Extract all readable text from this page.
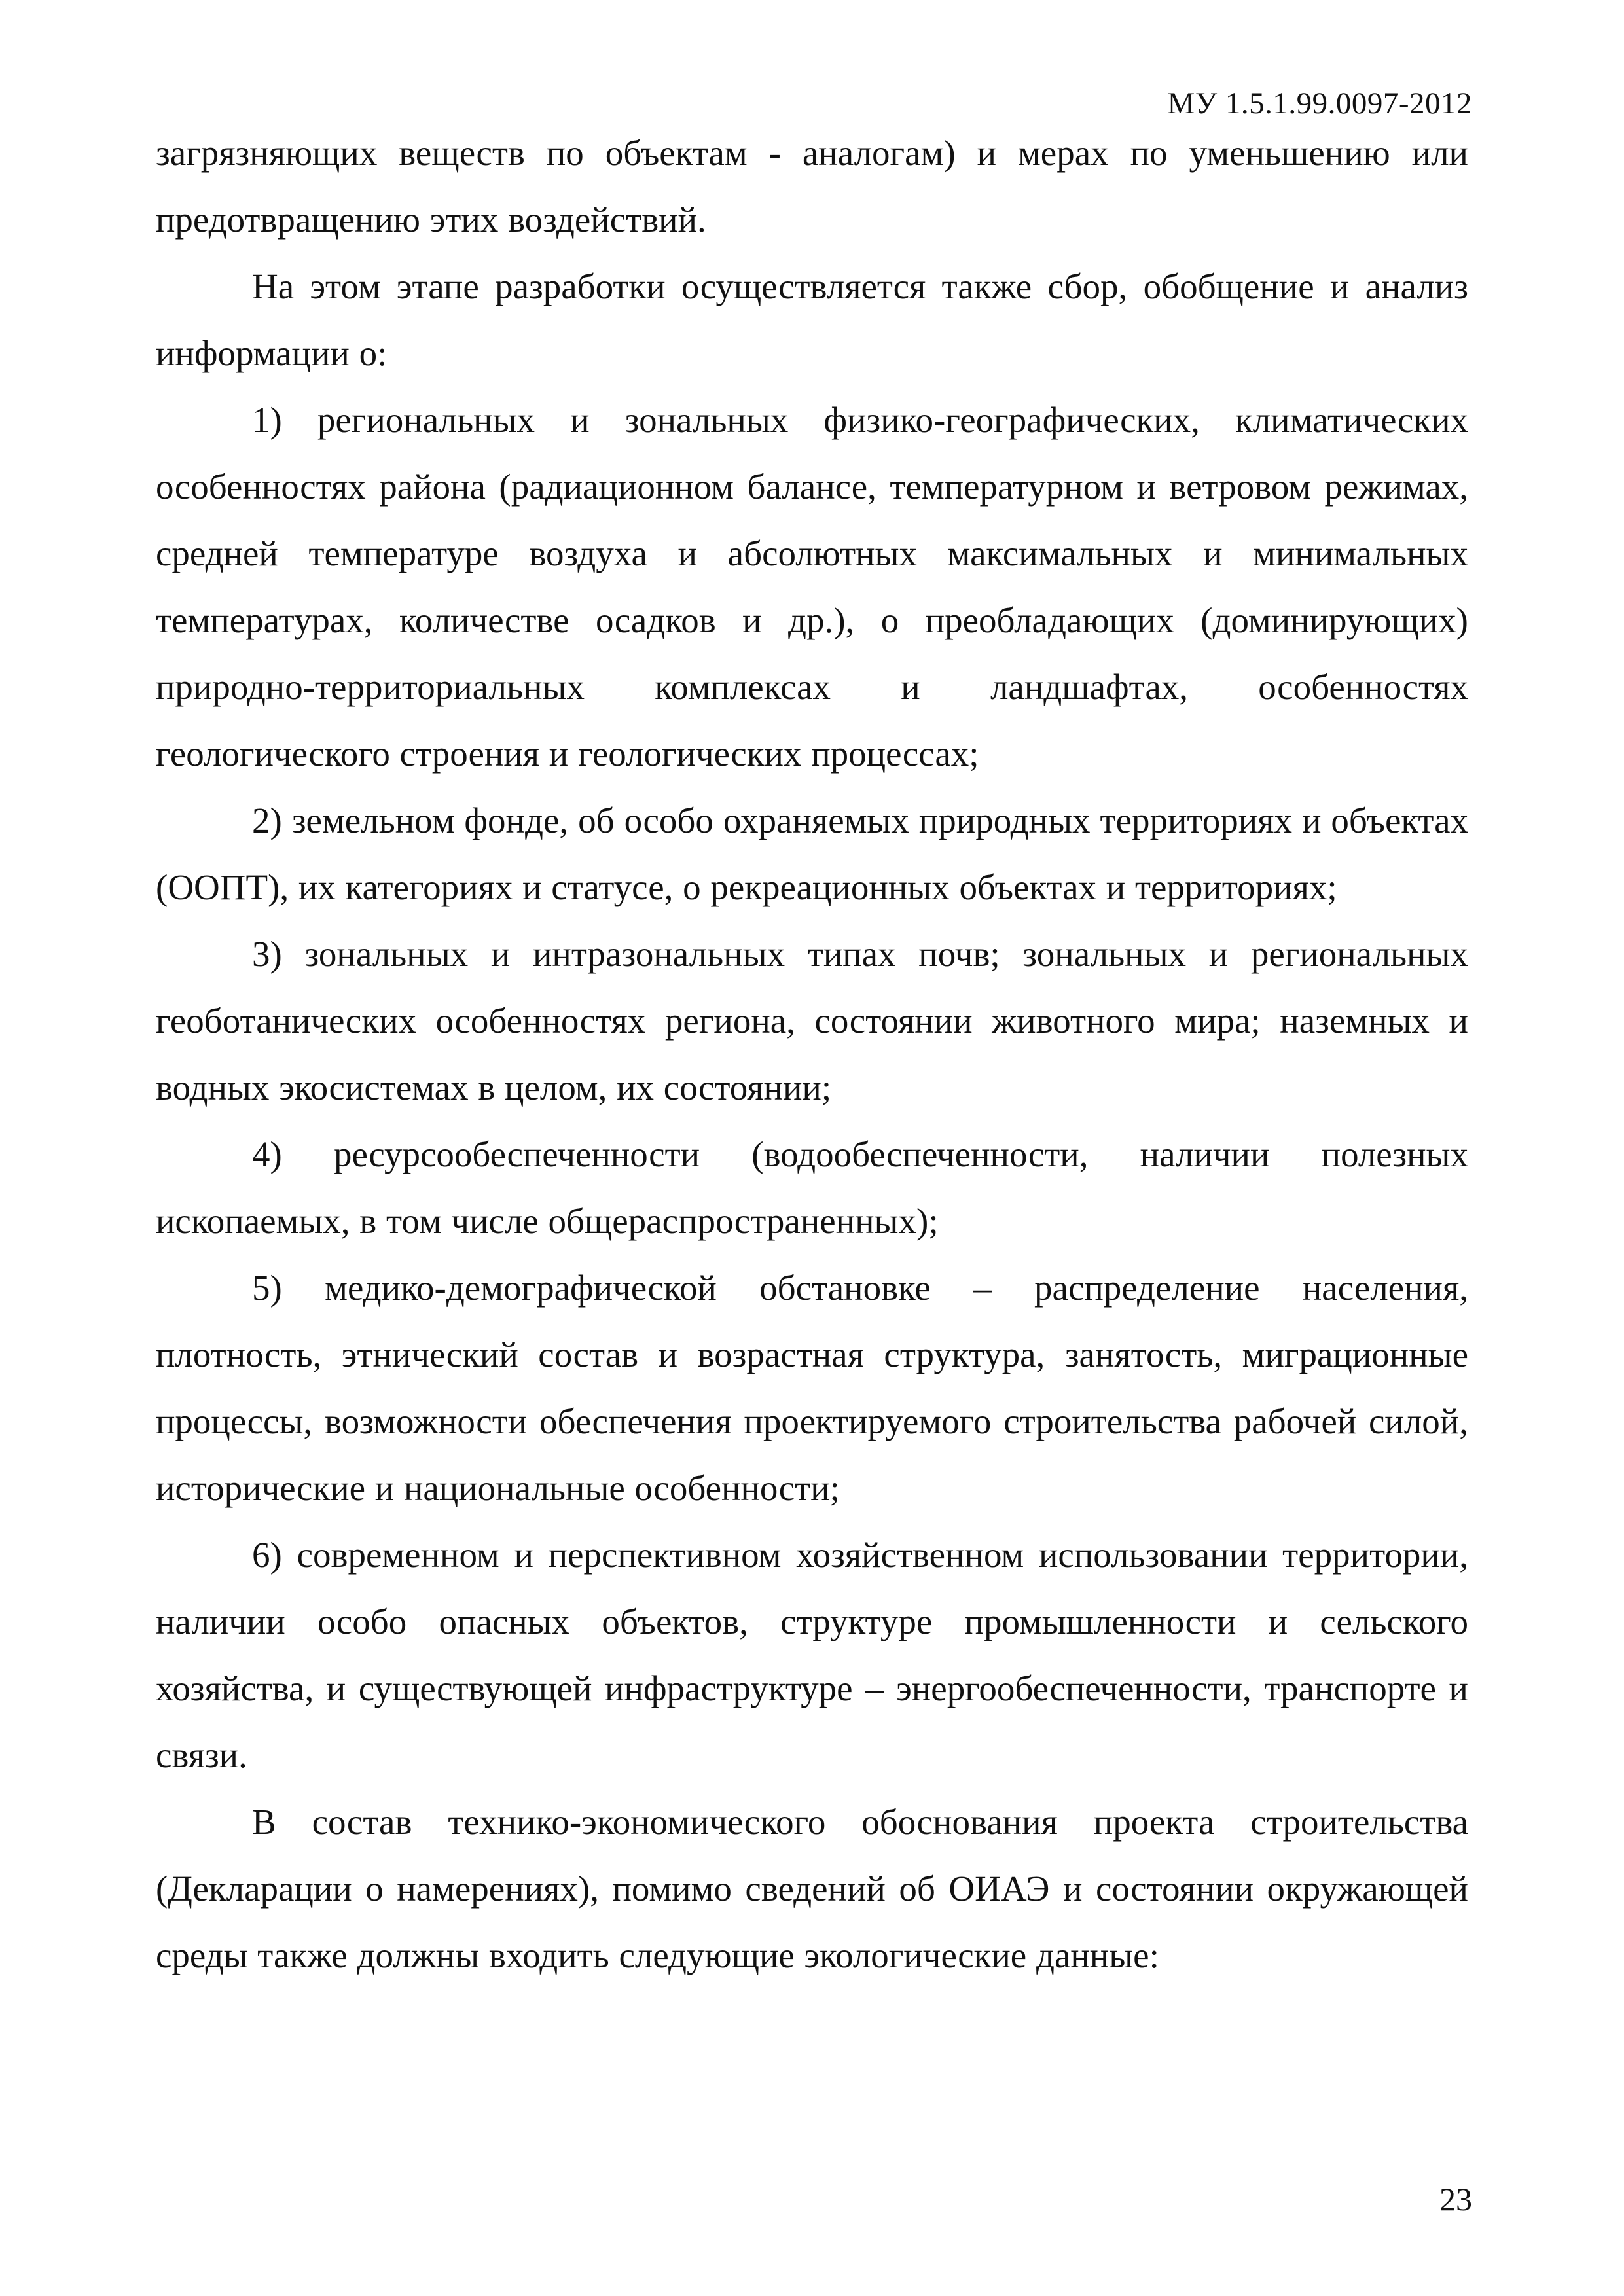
МУ 1.5.1.99.0097-2012

загрязняющих веществ по объектам - аналогам) и мерах по уменьшению или предотвращению этих воздействий.

На этом этапе разработки осуществляется также сбор, обобщение и анализ информации о:

1) региональных и зональных физико-географических, климатических особенностях района (радиационном балансе, температурном и ветровом режимах, средней температуре воздуха и абсолютных максимальных и минимальных температурах, количестве осадков и др.), о преобладающих (доминирующих) природно-территориальных комплексах и ландшафтах, особенностях геологического строения и геологических процессах;

2) земельном фонде, об особо охраняемых природных территориях и объектах (ООПТ), их категориях и статусе, о рекреационных объектах и территориях;

3) зональных и интразональных типах почв; зональных и региональных геоботанических особенностях региона, состоянии животного мира; наземных и водных экосистемах в целом, их состоянии;

4) ресурсообеспеченности (водообеспеченности, наличии полезных ископаемых, в том числе общераспространенных);

5) медико-демографической обстановке – распределение населения, плотность, этнический состав и возрастная структура, занятость, миграционные процессы, возможности обеспечения проектируемого строительства рабочей силой, исторические и национальные особенности;

6) современном и перспективном хозяйственном использовании территории, наличии особо опасных объектов, структуре промышленности и сельского хозяйства, и существующей инфраструктуре – энергообеспеченности, транспорте и связи.

В состав технико-экономического обоснования проекта строительства (Декларации о намерениях), помимо сведений об ОИАЭ и состоянии окружающей среды также должны входить следующие экологические данные:

23
